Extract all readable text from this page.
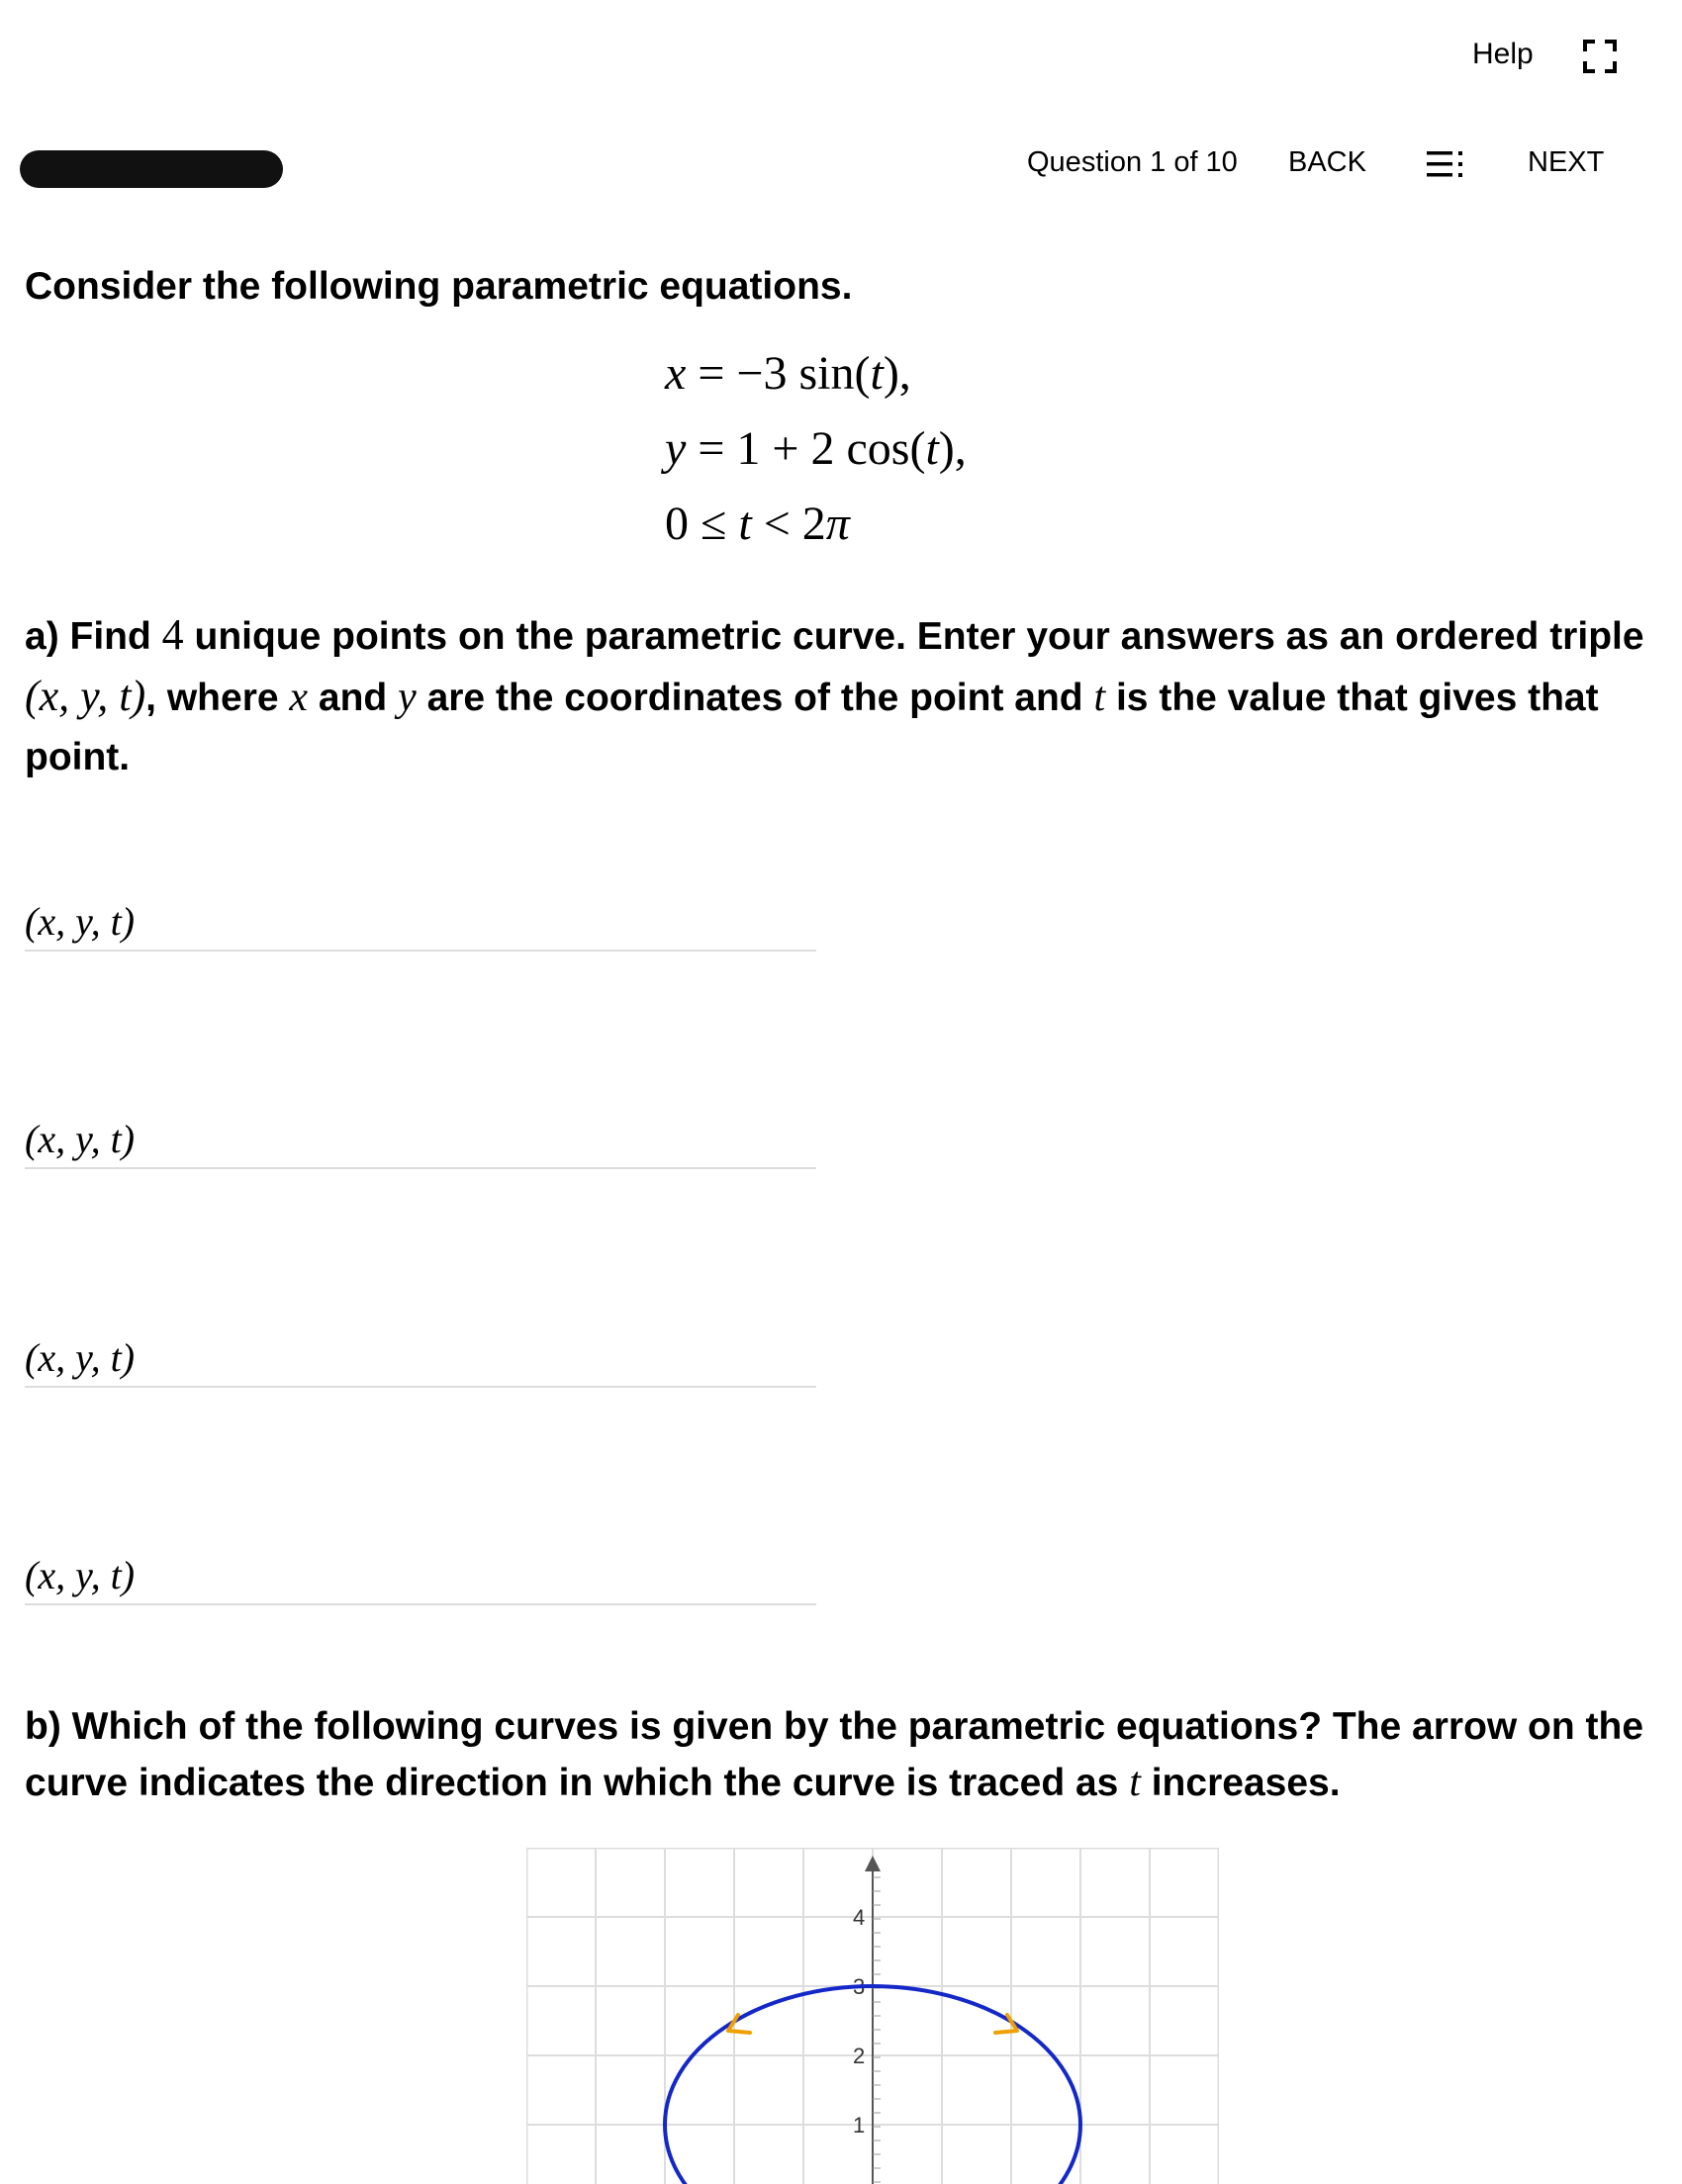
Help
Question 1 of 10 BACK	NEXT
Consider the following parametric equations.
x = −3 sin(t),
y = 1 + 2 cos(t),
0 ≤ t < 2π
a) Find 4 unique points on the parametric curve. Enter your answers as an ordered triple (x, y, t), where x and y are the coordinates of the point and t is the value that gives that point.
(x, y, t)
(x, y, t)
(x, y, t)
(x, y, t)
b) Which of the following curves is given by the parametric equations? The arrow on the curve indicates the direction in which the curve is traced as t increases.
4
3
2
1
